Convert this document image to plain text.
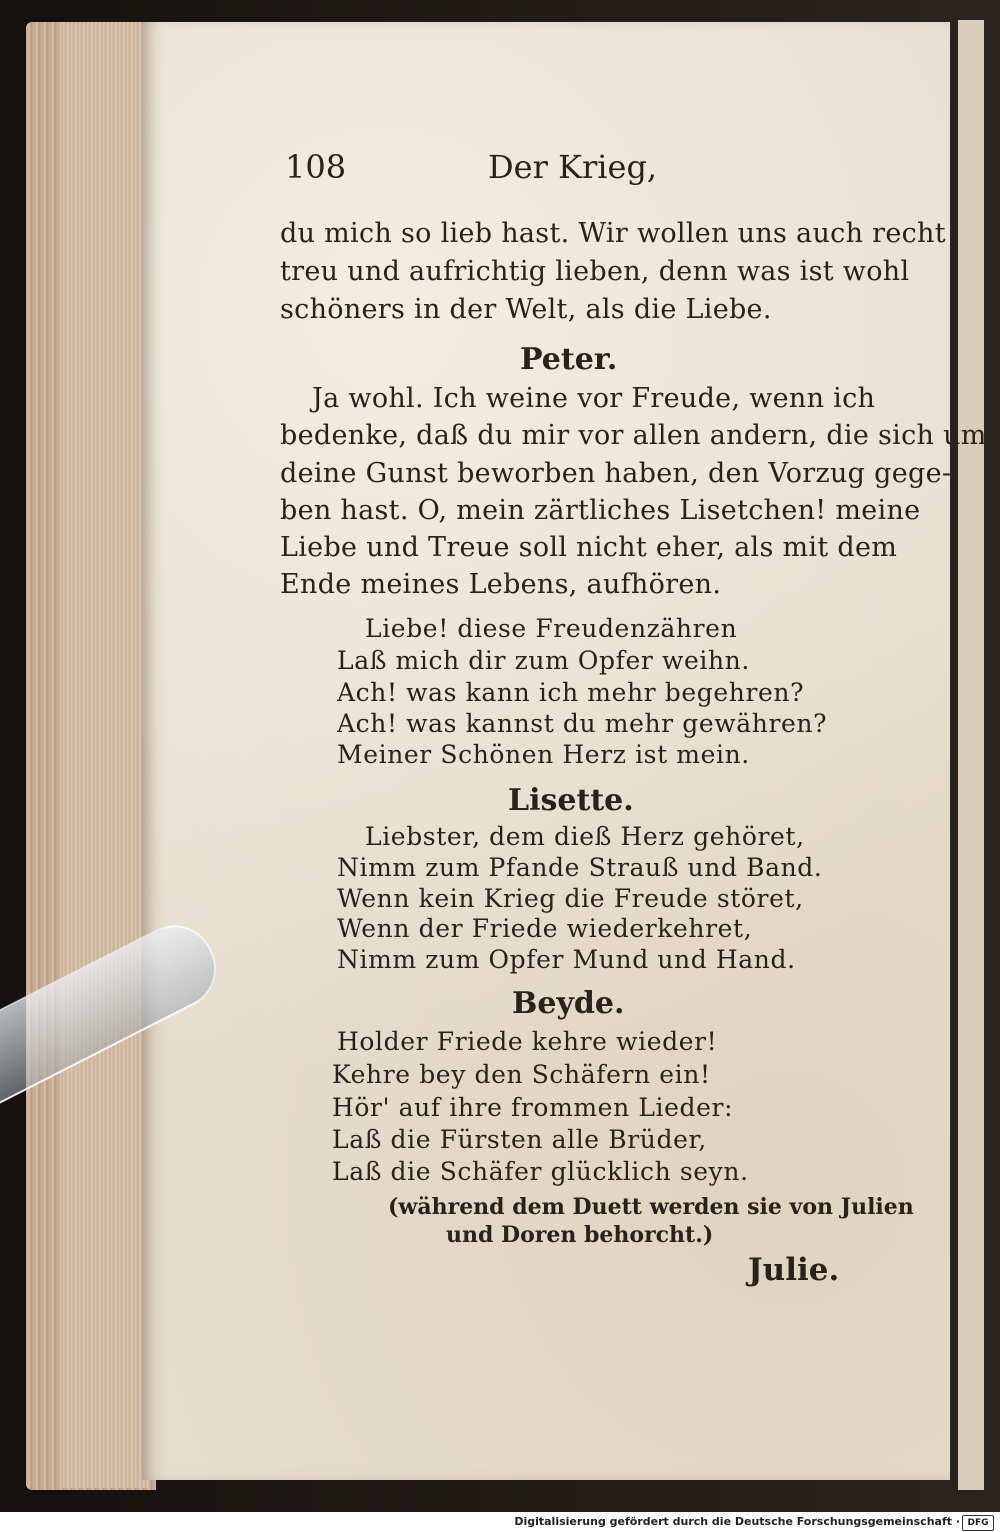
108	Der Krieg,
du mich so lieb hast. Wir wollen uns auch recht
treu und aufrichtig lieben, denn was ist wohl
schöners in der Welt, als die Liebe.
Peter.
Ja wohl. Ich weine vor Freude, wenn ich
bedenke, daß du mir vor allen andern, die sich um
deine Gunst beworben haben, den Vorzug gege-
ben hast. O, mein zärtliches Lisetchen! meine
Liebe und Treue soll nicht eher, als mit dem
Ende meines Lebens, aufhören.
Liebe! diese Freudenzähren
Laß mich dir zum Opfer weihn.
Ach! was kann ich mehr begehren?
Ach! was kannst du mehr gewähren?
Meiner Schönen Herz ist mein.
Lisette.
Liebster, dem dieß Herz gehöret,
Nimm zum Pfande Strauß und Band.
Wenn kein Krieg die Freude störet,
Wenn der Friede wiederkehret,
Nimm zum Opfer Mund und Hand.
Beyde.
Holder Friede kehre wieder!
Kehre bey den Schäfern ein!
Hör' auf ihre frommen Lieder:
Laß die Fürsten alle Brüder,
Laß die Schäfer glücklich seyn.
(während dem Duett werden sie von Julien
und Doren behorcht.)
Julie.
Digitalisierung gefördert durch die Deutsche Forschungsgemeinschaft · DFG
